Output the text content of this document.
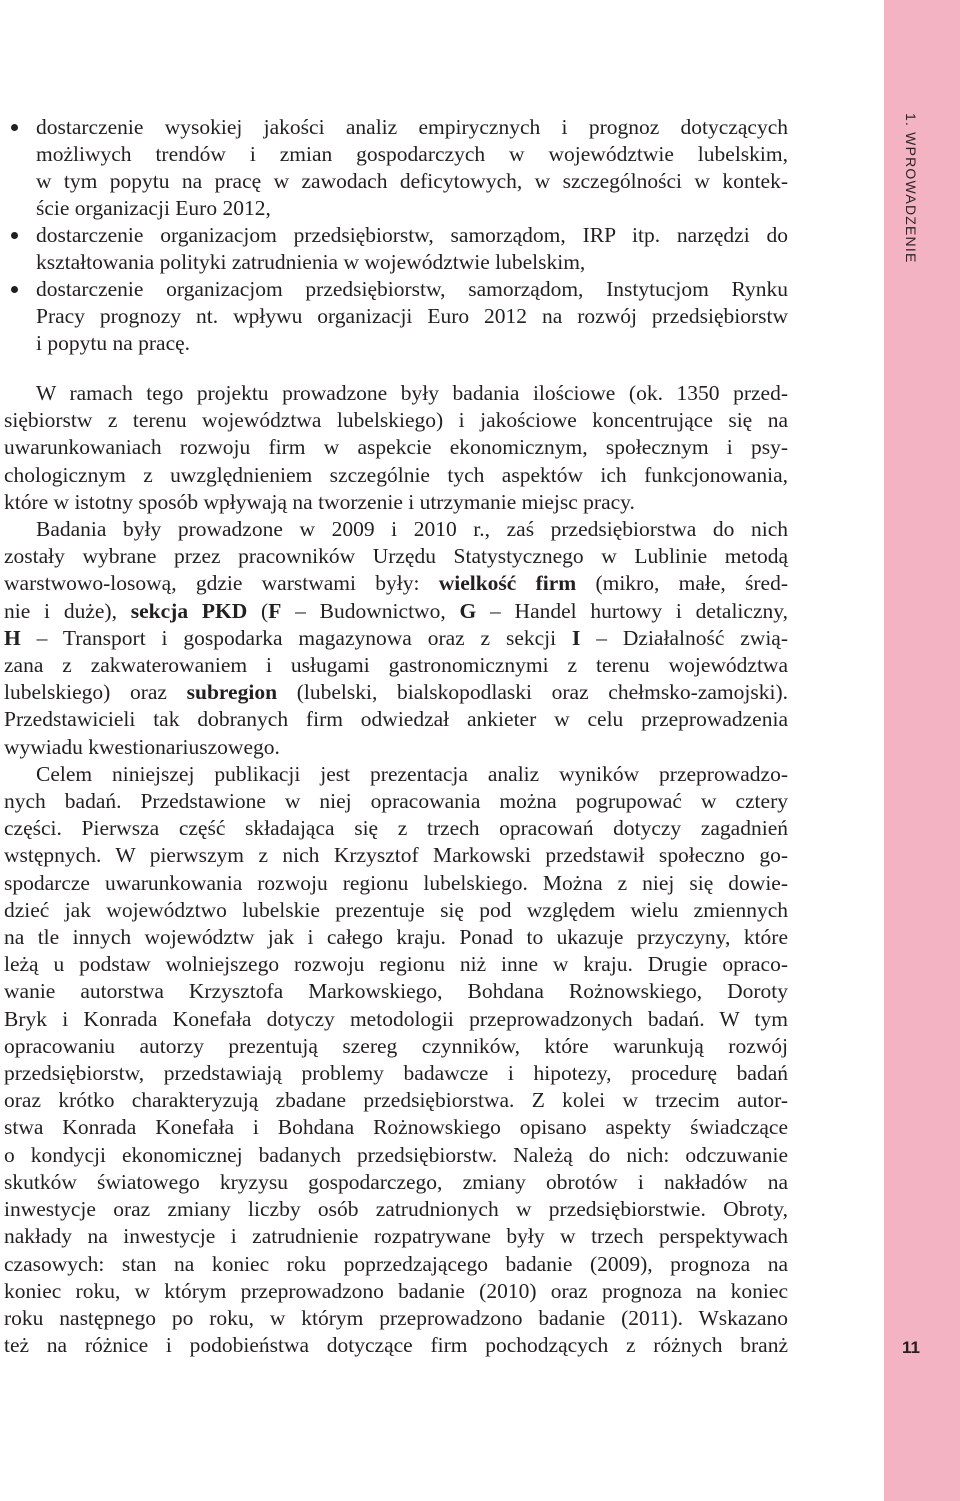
dostarczenie wysokiej jakości analiz empirycznych i prognoz dotyczących
możliwych trendów i zmian gospodarczych w województwie lubelskim,
w tym popytu na pracę w zawodach deficytowych, w szczególności w kontek-
ście organizacji Euro 2012,
dostarczenie organizacjom przedsiębiorstw, samorządom, IRP itp. narzędzi do
kształtowania polityki zatrudnienia w województwie lubelskim,
dostarczenie organizacjom przedsiębiorstw, samorządom, Instytucjom Rynku
Pracy prognozy nt. wpływu organizacji Euro 2012 na rozwój przedsiębiorstw
i popytu na pracę.
W ramach tego projektu prowadzone były badania ilościowe (ok. 1350 przed-
siębiorstw z terenu województwa lubelskiego) i jakościowe koncentrujące się na
uwarunkowaniach rozwoju firm w aspekcie ekonomicznym, społecznym i psy-
chologicznym z uwzględnieniem szczególnie tych aspektów ich funkcjonowania,
które w istotny sposób wpływają na tworzenie i utrzymanie miejsc pracy.
Badania były prowadzone w 2009 i 2010 r., zaś przedsiębiorstwa do nich
zostały wybrane przez pracowników Urzędu Statystycznego w Lublinie metodą
warstwowo-losową, gdzie warstwami były: wielkość firm (mikro, małe, śred-
nie i duże), sekcja PKD (F – Budownictwo, G – Handel hurtowy i detaliczny,
H – Transport i gospodarka magazynowa oraz z sekcji I – Działalność zwią-
zana z zakwaterowaniem i usługami gastronomicznymi z terenu województwa
lubelskiego) oraz subregion (lubelski, bialskopodlaski oraz chełmsko-zamojski).
Przedstawicieli tak dobranych firm odwiedzał ankieter w celu przeprowadzenia
wywiadu kwestionariuszowego.
Celem niniejszej publikacji jest prezentacja analiz wyników przeprowadzo-
nych badań. Przedstawione w niej opracowania można pogrupować w cztery
części. Pierwsza część składająca się z trzech opracowań dotyczy zagadnień
wstępnych. W pierwszym z nich Krzysztof Markowski przedstawił społeczno go-
spodarcze uwarunkowania rozwoju regionu lubelskiego. Można z niej się dowie-
dzieć jak województwo lubelskie prezentuje się pod względem wielu zmiennych
na tle innych województw jak i całego kraju. Ponad to ukazuje przyczyny, które
leżą u podstaw wolniejszego rozwoju regionu niż inne w kraju. Drugie opraco-
wanie autorstwa Krzysztofa Markowskiego, Bohdana Rożnowskiego, Doroty
Bryk i Konrada Konefała dotyczy metodologii przeprowadzonych badań. W tym
opracowaniu autorzy prezentują szereg czynników, które warunkują rozwój
przedsiębiorstw, przedstawiają problemy badawcze i hipotezy, procedurę badań
oraz krótko charakteryzują zbadane przedsiębiorstwa. Z kolei w trzecim autor-
stwa Konrada Konefała i Bohdana Rożnowskiego opisano aspekty świadczące
o kondycji ekonomicznej badanych przedsiębiorstw. Należą do nich: odczuwanie
skutków światowego kryzysu gospodarczego, zmiany obrotów i nakładów na
inwestycje oraz zmiany liczby osób zatrudnionych w przedsiębiorstwie. Obroty,
nakłady na inwestycje i zatrudnienie rozpatrywane były w trzech perspektywach
czasowych: stan na koniec roku poprzedzającego badanie (2009), prognoza na
koniec roku, w którym przeprowadzono badanie (2010) oraz prognoza na koniec
roku następnego po roku, w którym przeprowadzono badanie (2011). Wskazano
też na różnice i podobieństwa dotyczące firm pochodzących z różnych branż
1. WPROWADZENIE
11
